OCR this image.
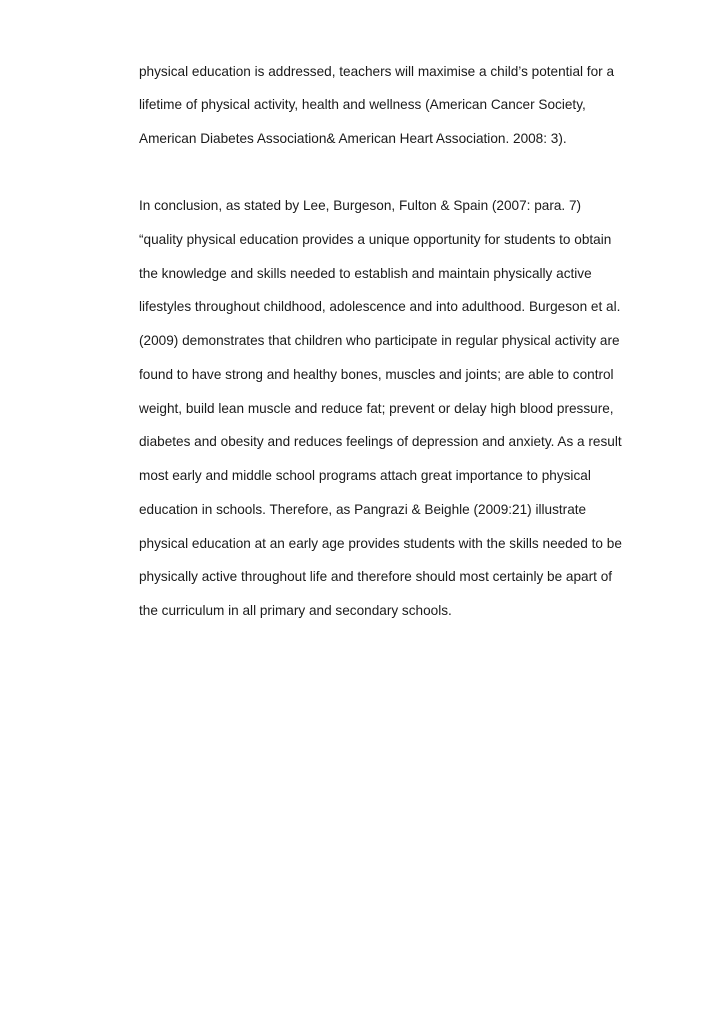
physical education is addressed, teachers will maximise a child’s potential for a

lifetime of physical activity, health and wellness (American Cancer Society,

American Diabetes Association& American Heart Association. 2008: 3).

In conclusion, as stated by Lee, Burgeson, Fulton & Spain (2007: para. 7)

“quality physical education provides a unique opportunity for students to obtain

the knowledge and skills needed to establish and maintain physically active

lifestyles throughout childhood, adolescence and into adulthood. Burgeson et al.

(2009) demonstrates that children who participate in regular physical activity are

found to have strong and healthy bones, muscles and joints; are able to control

weight, build lean muscle and reduce fat; prevent or delay high blood pressure,

diabetes and obesity and reduces feelings of depression and anxiety. As a result

most early and middle school programs attach great importance to physical

education in schools. Therefore, as Pangrazi & Beighle (2009:21) illustrate

physical education at an early age provides students with the skills needed to be

physically active throughout life and therefore should most certainly be apart of

the curriculum in all primary and secondary schools.
